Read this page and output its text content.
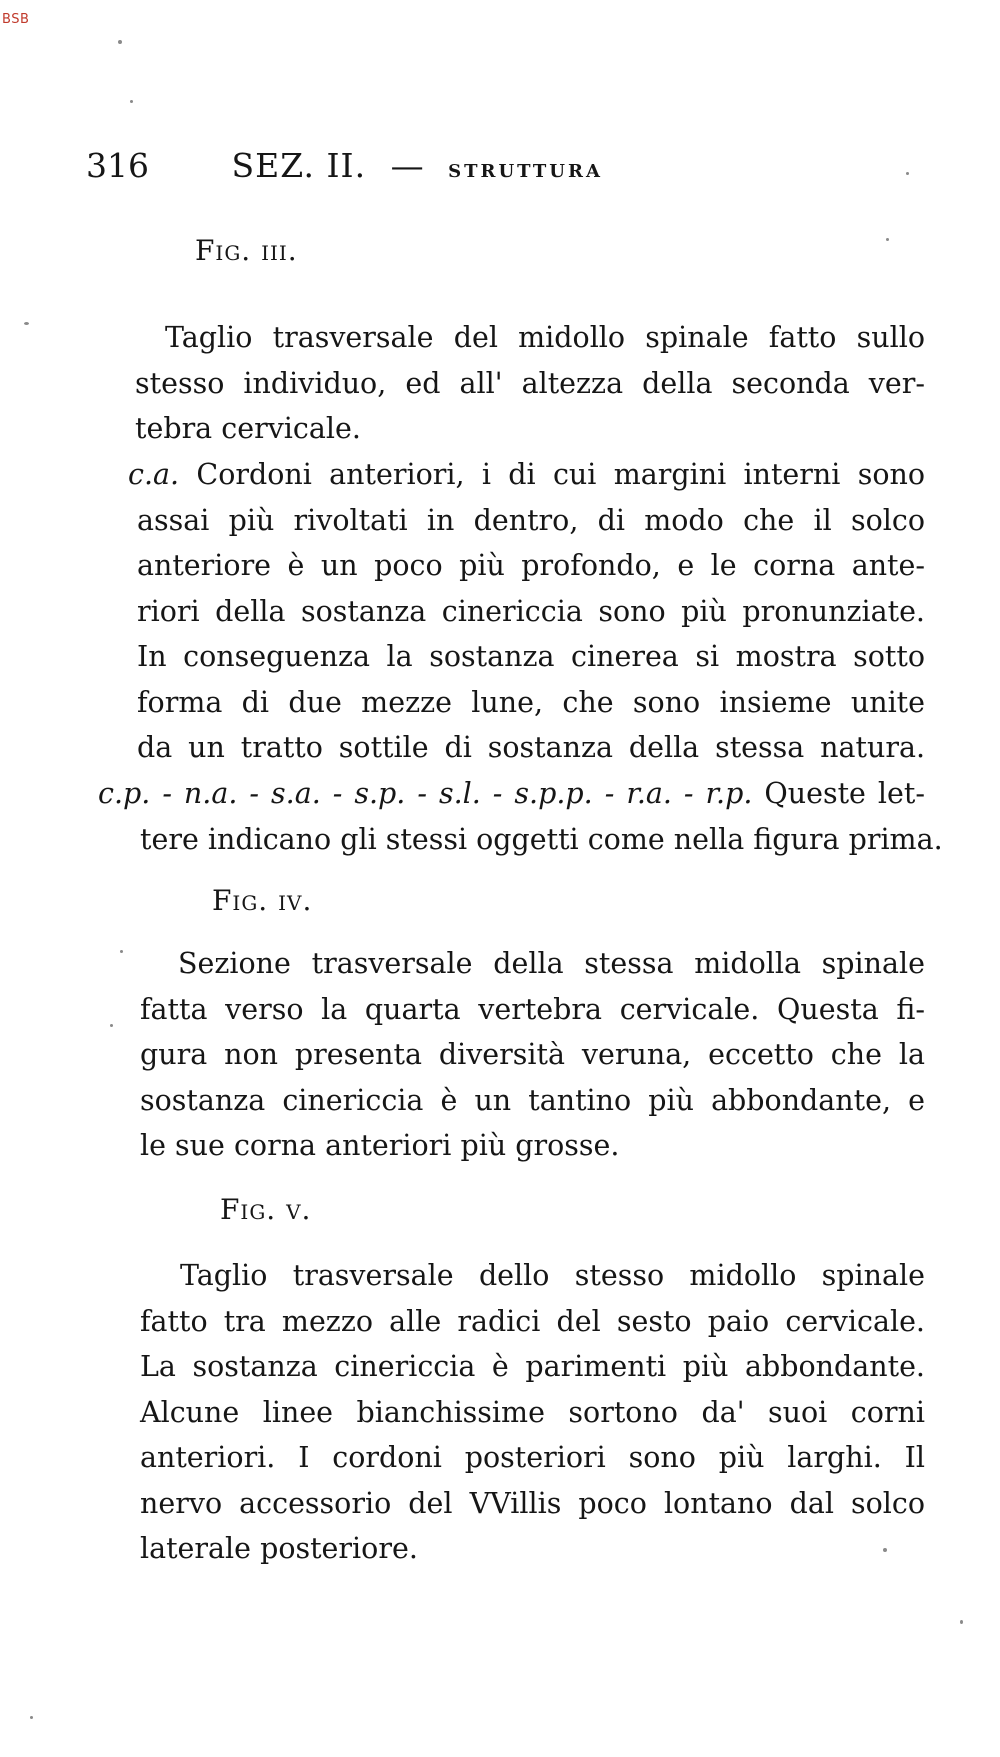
BSB
316	SEZ. II. — STRUTTURA
Fig. iii.
Taglio trasversale del midollo spinale fatto sullo
stesso individuo, ed all' altezza della seconda ver-
tebra cervicale.
c.a. Cordoni anteriori, i di cui margini interni sono
assai più rivoltati in dentro, di modo che il solco
anteriore è un poco più profondo, e le corna ante-
riori della sostanza cinericcia sono più pronunziate.
In conseguenza la sostanza cinerea si mostra sotto
forma di due mezze lune, che sono insieme unite
da un tratto sottile di sostanza della stessa natura.
c.p. - n.a. - s.a. - s.p. - s.l. - s.p.p. - r.a. - r.p. Queste let-
tere indicano gli stessi oggetti come nella figura prima.
Fig. iv.
Sezione trasversale della stessa midolla spinale
fatta verso la quarta vertebra cervicale. Questa fi-
gura non presenta diversità veruna, eccetto che la
sostanza cinericcia è un tantino più abbondante, e
le sue corna anteriori più grosse.
Fig. v.
Taglio trasversale dello stesso midollo spinale
fatto tra mezzo alle radici del sesto paio cervicale.
La sostanza cinericcia è parimenti più abbondante.
Alcune linee bianchissime sortono da' suoi corni
anteriori. I cordoni posteriori sono più larghi. Il
nervo accessorio del VVillis poco lontano dal solco
laterale posteriore.
